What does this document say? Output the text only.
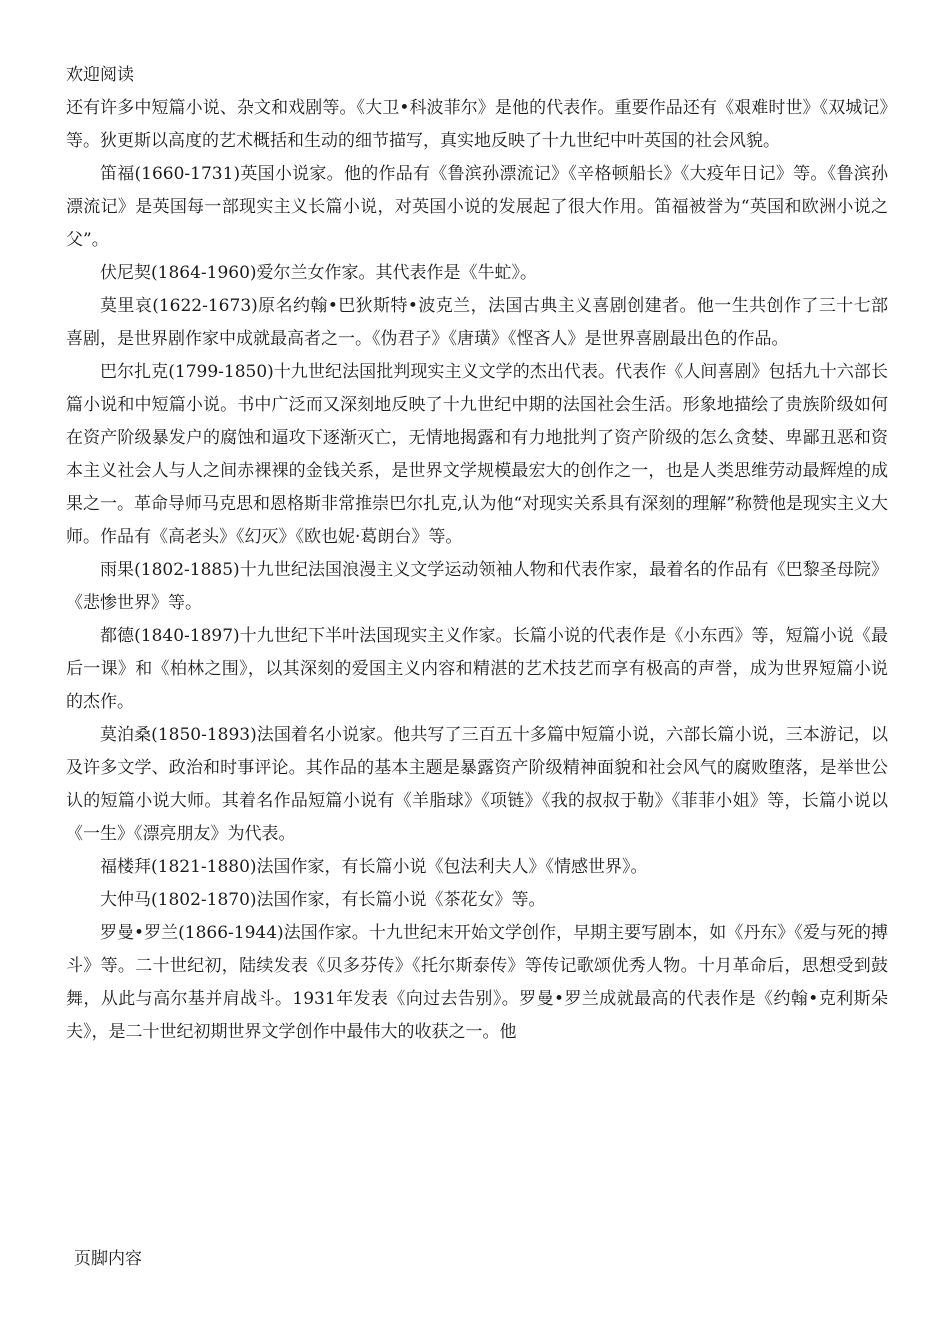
欢迎阅读

还有许多中短篇小说、杂文和戏剧等。《大卫•科波菲尔》是他的代表作。重要作品还有《艰难时世》《双城记》等。狄更斯以高度的艺术概括和生动的细节描写，真实地反映了十九世纪中叶英国的社会风貌。

笛福(1660-1731)英国小说家。他的作品有《鲁滨孙漂流记》《辛格顿船长》《大疫年日记》等。《鲁滨孙漂流记》是英国每一部现实主义长篇小说，对英国小说的发展起了很大作用。笛福被誉为“英国和欧洲小说之父”。

伏尼契(1864-1960)爱尔兰女作家。其代表作是《牛虻》。

莫里哀(1622-1673)原名约翰•巴狄斯特•波克兰，法国古典主义喜剧创建者。他一生共创作了三十七部喜剧，是世界剧作家中成就最高者之一。《伪君子》《唐璜》《悭吝人》是世界喜剧最出色的作品。

巴尔扎克(1799-1850)十九世纪法国批判现实主义文学的杰出代表。代表作《人间喜剧》包括九十六部长篇小说和中短篇小说。书中广泛而又深刻地反映了十九世纪中期的法国社会生活。形象地描绘了贵族阶级如何在资产阶级暴发户的腐蚀和逼攻下逐渐灭亡，无情地揭露和有力地批判了资产阶级的怎么贪婪、卑鄙丑恶和资本主义社会人与人之间赤裸裸的金钱关系，是世界文学规模最宏大的创作之一，也是人类思维劳动最辉煌的成果之一。革命导师马克思和恩格斯非常推崇巴尔扎克,认为他“对现实关系具有深刻的理解”称赞他是现实主义大师。作品有《高老头》《幻灭》《欧也妮·葛朗台》等。

雨果(1802-1885)十九世纪法国浪漫主义文学运动领袖人物和代表作家，最着名的作品有《巴黎圣母院》《悲惨世界》等。

都德(1840-1897)十九世纪下半叶法国现实主义作家。长篇小说的代表作是《小东西》等，短篇小说《最后一课》和《柏林之围》，以其深刻的爱国主义内容和精湛的艺术技艺而享有极高的声誉，成为世界短篇小说的杰作。

莫泊桑(1850-1893)法国着名小说家。他共写了三百五十多篇中短篇小说，六部长篇小说，三本游记，以及许多文学、政治和时事评论。其作品的基本主题是暴露资产阶级精神面貌和社会风气的腐败堕落，是举世公认的短篇小说大师。其着名作品短篇小说有《羊脂球》《项链》《我的叔叔于勒》《菲菲小姐》等，长篇小说以《一生》《漂亮朋友》为代表。

福楼拜(1821-1880)法国作家，有长篇小说《包法利夫人》《情感世界》。

大仲马(1802-1870)法国作家，有长篇小说《茶花女》等。

罗曼•罗兰(1866-1944)法国作家。十九世纪末开始文学创作，早期主要写剧本，如《丹东》《爱与死的搏斗》等。二十世纪初，陆续发表《贝多芬传》《托尔斯泰传》等传记歌颂优秀人物。十月革命后，思想受到鼓舞，从此与高尔基并肩战斗。1931年发表《向过去告别》。罗曼•罗兰成就最高的代表作是《约翰•克利斯朵夫》，是二十世纪初期世界文学创作中最伟大的收获之一。他

页脚内容
